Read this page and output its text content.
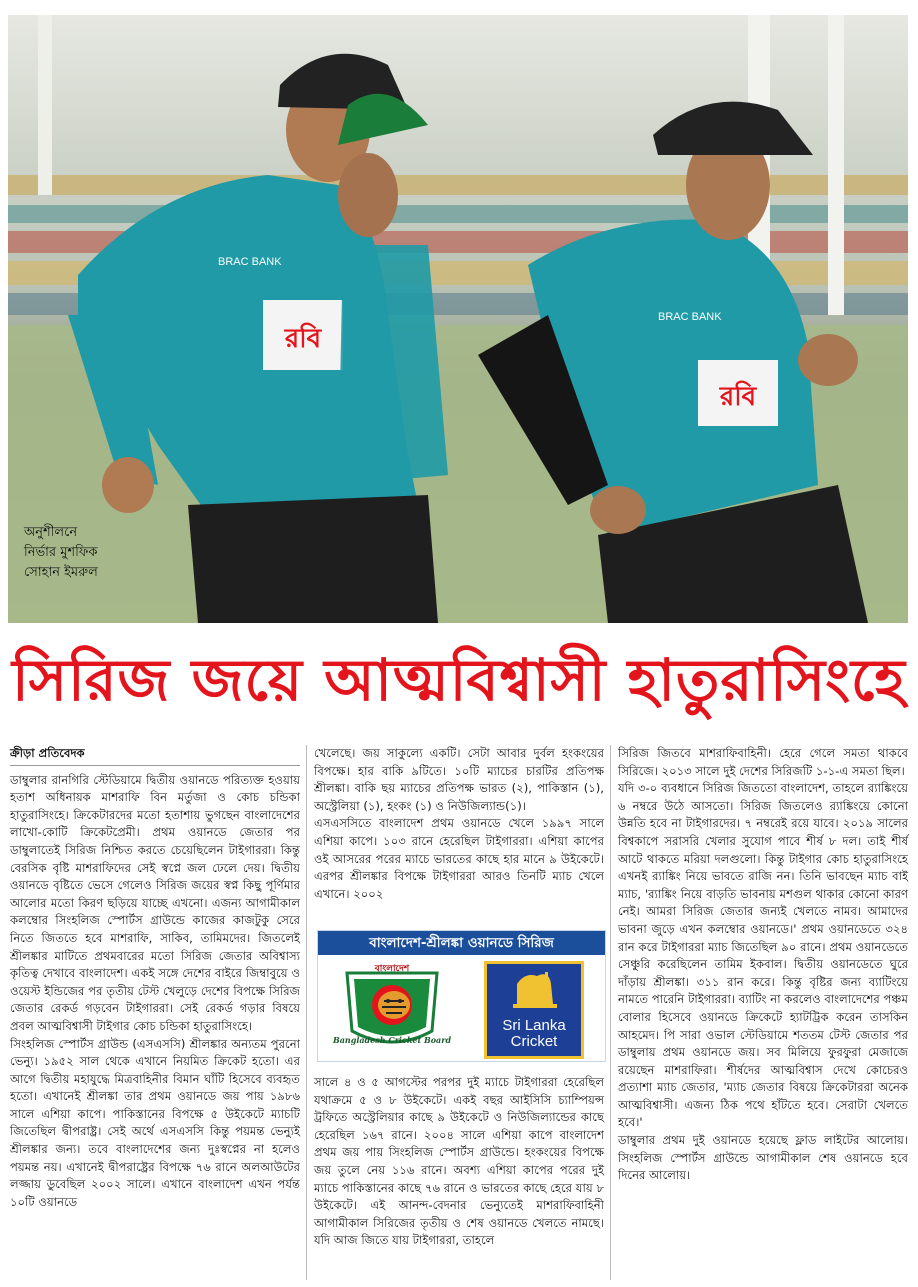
রবি
BRAC BANK
রবি
BRAC BANK
অনুশীলনে
নির্ভার মুশফিক
সোহান ইমরুল
সিরিজ জয়ে আত্মবিশ্বাসী হাতুরাসিংহে

ক্রীড়া প্রতিবেদক

ডাম্বুলার রানগিরি স্টেডিয়ামে দ্বিতীয় ওয়ানডে পরিত্যক্ত হওয়ায় হতাশ অধিনায়ক মাশরাফি বিন মর্তুজা ও কোচ চন্ডিকা হাতুরাসিংহে। ক্রিকেটারদের মতো হতাশায় ভুগছেন বাংলাদেশের লাখো-কোটি ক্রিকেটপ্রেমী। প্রথম ওয়ানডে জেতার পর ডাম্বুলাতেই সিরিজ নিশ্চিত করতে চেয়েছিলেন টাইগাররা। কিন্তু বেরসিক বৃষ্টি মাশরাফিদের সেই স্বপ্নে জল ঢেলে দেয়। দ্বিতীয় ওয়ানডে বৃষ্টিতে ভেসে গেলেও সিরিজ জয়ের স্বপ্ন কিছু পূর্ণিমার আলোর মতো কিরণ ছড়িয়ে যাচ্ছে এখনো। এজন্য আগামীকাল কলম্বোর সিংহলিজ স্পোর্টস গ্রাউন্ডে কাজের কাজটুকু সেরে নিতে জিততে হবে মাশরাফি, সাকিব, তামিমদের। জিতলেই শ্রীলঙ্কার মাটিতে প্রথমবারের মতো সিরিজ জেতার অবিশ্বাস্য কৃতিত্ব দেখাবে বাংলাদেশ। একই সঙ্গে দেশের বাইরে জিম্বাবুয়ে ও ওয়েস্ট ইন্ডিজের পর তৃতীয় টেস্ট খেলুড়ে দেশের বিপক্ষে সিরিজ জেতার রেকর্ড গড়বেন টাইগাররা। সেই রেকর্ড গড়ার বিষয়ে প্রবল আত্মবিশ্বাসী টাইগার কোচ চন্ডিকা হাতুরাসিংহে।

সিংহলিজ স্পোর্টস গ্রাউন্ড (এসএসসি) শ্রীলঙ্কার অন্যতম পুরনো ভেন্যু। ১৯৫২ সাল থেকে এখানে নিয়মিত ক্রিকেট হতো। এর আগে দ্বিতীয় মহাযুদ্ধে মিত্রবাহিনীর বিমান ঘাঁটি হিসেবে ব্যবহৃত হতো। এখানেই শ্রীলঙ্কা তার প্রথম ওয়ানডে জয় পায় ১৯৮৬ সালে এশিয়া কাপে। পাকিস্তানের বিপক্ষে ৫ উইকেটে ম্যাচটি জিতেছিল দ্বীপরাষ্ট্র। সেই অর্থে এসএসসি কিন্তু পয়মন্ত ভেন্যুই শ্রীলঙ্কার জন্য। তবে বাংলাদেশের জন্য দুঃস্বপ্নের না হলেও পয়মন্ত নয়। এখানেই দ্বীপরাষ্ট্রের বিপক্ষে ৭৬ রানে অলআউটের লজ্জায় ডুবেছিল ২০০২ সালে। এখানে বাংলাদেশ এখন পর্যন্ত ১০টি ওয়ানডে

খেলেছে। জয় সাকুল্যে একটি। সেটা আবার দুর্বল হংকংয়ের বিপক্ষে। হার বাকি ৯টিতে। ১০টি ম্যাচের চারটির প্রতিপক্ষ শ্রীলঙ্কা। বাকি ছয় ম্যাচের প্রতিপক্ষ ভারত (২), পাকিস্তান (১), অস্ট্রেলিয়া (১), হংকং (১) ও নিউজিল্যান্ড(১)।

এসএসসিতে বাংলাদেশ প্রথম ওয়ানডে খেলে ১৯৯৭ সালে এশিয়া কাপে। ১০৩ রানে হেরেছিল টাইগাররা। এশিয়া কাপের ওই আসরের পরের ম্যাচে ভারতের কাছে হার মানে ৯ উইকেটে। এরপর শ্রীলঙ্কার বিপক্ষে টাইগাররা আরও তিনটি ম্যাচ খেলে এখানে। ২০০২

সালে ৪ ও ৫ আগস্টের পরপর দুই ম্যাচে টাইগাররা হেরেছিল যথাক্রমে ৫ ও ৮ উইকেটে। একই বছর আইসিসি চ্যাম্পিয়ন্স ট্রফিতে অস্ট্রেলিয়ার কাছে ৯ উইকেটে ও নিউজিল্যান্ডের কাছে হেরেছিল ১৬৭ রানে। ২০০৪ সালে এশিয়া কাপে বাংলাদেশ প্রথম জয় পায় সিংহলিজ স্পোর্টস গ্রাউন্ডে। হংকংয়ের বিপক্ষে জয় তুলে নেয় ১১৬ রানে। অবশ্য এশিয়া কাপের পরের দুই ম্যাচে পাকিস্তানের কাছে ৭৬ রানে ও ভারতের কাছে হেরে যায় ৮ উইকেটে। এই আনন্দ-বেদনার ভেন্যুতেই মাশরাফিবাহিনী আগামীকাল সিরিজের তৃতীয় ও শেষ ওয়ানডে খেলতে নামছে। যদি আজ জিতে যায় টাইগাররা, তাহলে

বাংলাদেশ-শ্রীলঙ্কা ওয়ানডে সিরিজ
বাংলাদেশ
Bangladesh Cricket Board
Sri Lanka
Cricket

সিরিজ জিতবে মাশরাফিবাহিনী। হেরে গেলে সমতা থাকবে সিরিজে। ২০১৩ সালে দুই দেশের সিরিজটি ১-১-এ সমতা ছিল।

যদি ৩-০ ব্যবধানে সিরিজ জিততো বাংলাদেশ, তাহলে র‌্যাঙ্কিংয়ে ৬ নম্বরে উঠে আসতো। সিরিজ জিতলেও র‌্যাঙ্কিংয়ে কোনো উন্নতি হবে না টাইগারদের। ৭ নম্বরেই রয়ে যাবে। ২০১৯ সালের বিশ্বকাপে সরাসরি খেলার সুযোগ পাবে শীর্ষ ৮ দল। তাই শীর্ষ আটে থাকতে মরিয়া দলগুলো। কিন্তু টাইগার কোচ হাতুরাসিংহে এখনই র‌্যাঙ্কিং নিয়ে ভাবতে রাজি নন। তিনি ভাবছেন ম্যাচ বাই ম্যাচ, 'র‌্যাঙ্কিং নিয়ে বাড়তি ভাবনায় মশগুল থাকার কোনো কারণ নেই। আমরা সিরিজ জেতার জন্যই খেলতে নামব। আমাদের ভাবনা জুড়ে এখন কলম্বোর ওয়ানডে।' প্রথম ওয়ানডেতে ৩২৪ রান করে টাইগাররা ম্যাচ জিতেছিল ৯০ রানে। প্রথম ওয়ানডেতে সেঞ্চুরি করেছিলেন তামিম ইকবাল। দ্বিতীয় ওয়ানডেতে ঘুরে দাঁড়ায় শ্রীলঙ্কা। ৩১১ রান করে। কিন্তু বৃষ্টির জন্য ব্যাটিংয়ে নামতে পারেনি টাইগাররা। ব্যাটিং না করলেও বাংলাদেশের পঞ্চম বোলার হিসেবে ওয়ানডে ক্রিকেটে হ্যাটট্রিক করেন তাসকিন আহমেদ। পি সারা ওভাল স্টেডিয়ামে শততম টেস্ট জেতার পর ডাম্বুলায় প্রথম ওয়ানডে জয়। সব মিলিয়ে ফুরফুরা মেজাজে রয়েছেন মাশরাফিরা। শীর্ষদের আত্মবিশ্বাস দেখে কোচেরও প্রত্যাশা ম্যাচ জেতার, 'ম্যাচ জেতার বিষয়ে ক্রিকেটাররা অনেক আত্মবিশ্বাসী। এজন্য ঠিক পথে হাঁটতে হবে। সেরাটা খেলতে হবে।'

ডাম্বুলার প্রথম দুই ওয়ানডে হয়েছে ফ্লাড লাইটের আলোয়। সিংহলিজ স্পোর্টস গ্রাউন্ডে আগামীকাল শেষ ওয়ানডে হবে দিনের আলোয়।
